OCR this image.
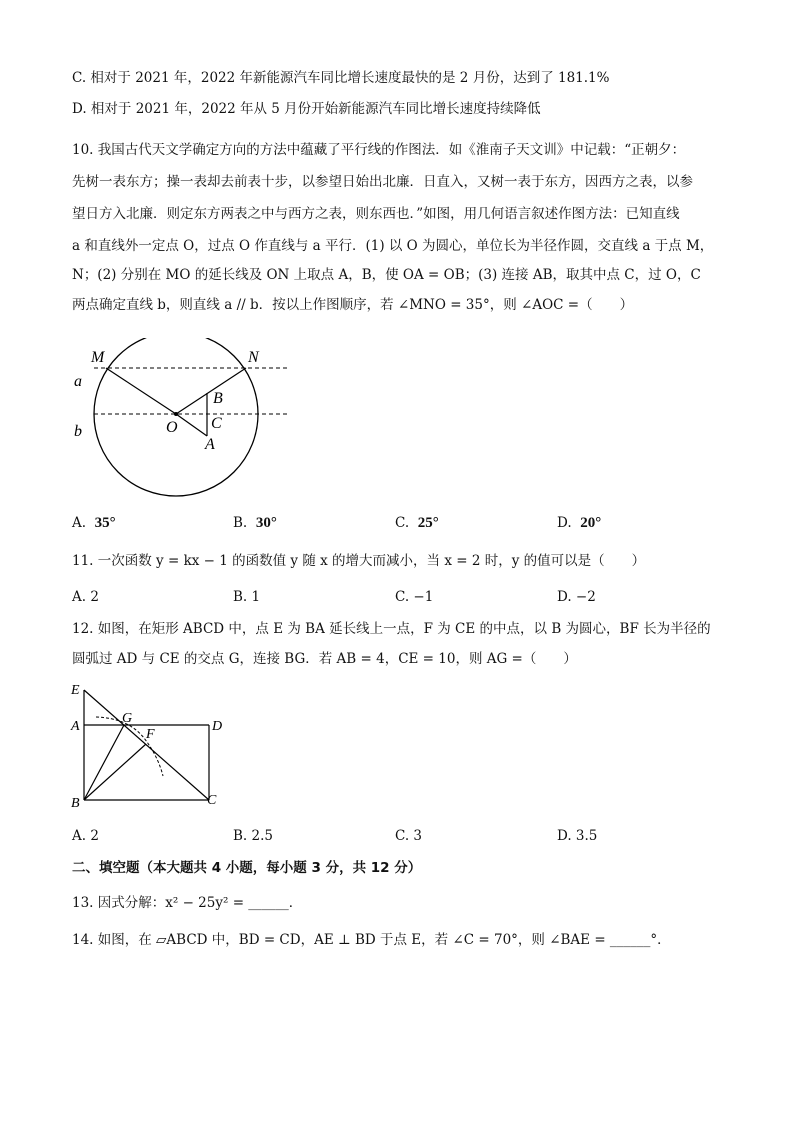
C. 相对于 2021 年，2022 年新能源汽车同比增长速度最快的是 2 月份，达到了 181.1%
D. 相对于 2021 年，2022 年从 5 月份开始新能源汽车同比增长速度持续降低
10. 我国古代天文学确定方向的方法中蕴藏了平行线的作图法．如《淮南子天文训》中记载：“正朝夕：
先树一表东方；操一表却去前表十步，以参望日始出北廉．日直入，又树一表于东方，因西方之表，以参
望日方入北廉．则定东方两表之中与西方之表，则东西也．”如图，用几何语言叙述作图方法：已知直线
a 和直线外一定点 O，过点 O 作直线与 a 平行．(1) 以 O 为圆心，单位长为半径作圆，交直线 a 于点 M，
N；(2) 分别在 MO 的延长线及 ON 上取点 A，B，使 OA = OB；(3) 连接 AB，取其中点 C，过 O，C
两点确定直线 b，则直线 a // b．按以上作图顺序，若 ∠MNO = 35°，则 ∠AOC =（　　）
M	N
a
b	O
B
C
A
A. 35°	B. 30°	C. 25°	D. 20°
11. 一次函数 y = kx − 1 的函数值 y 随 x 的增大而减小，当 x = 2 时，y 的值可以是（　　）
A. 2	B. 1	C. −1	D. −2
12. 如图，在矩形 ABCD 中，点 E 为 BA 延长线上一点，F 为 CE 的中点，以 B 为圆心，BF 长为半径的
圆弧过 AD 与 CE 的交点 G，连接 BG．若 AB = 4，CE = 10，则 AG =（　　）
E
A
G
D
F
B	C
A. 2	B. 2.5	C. 3	D. 3.5
二、填空题（本大题共 4 小题，每小题 3 分，共 12 分）
13. 因式分解：x² − 25y² = ______．
14. 如图，在 ▱ABCD 中，BD = CD，AE ⊥ BD 于点 E，若 ∠C = 70°，则 ∠BAE = ______°．
